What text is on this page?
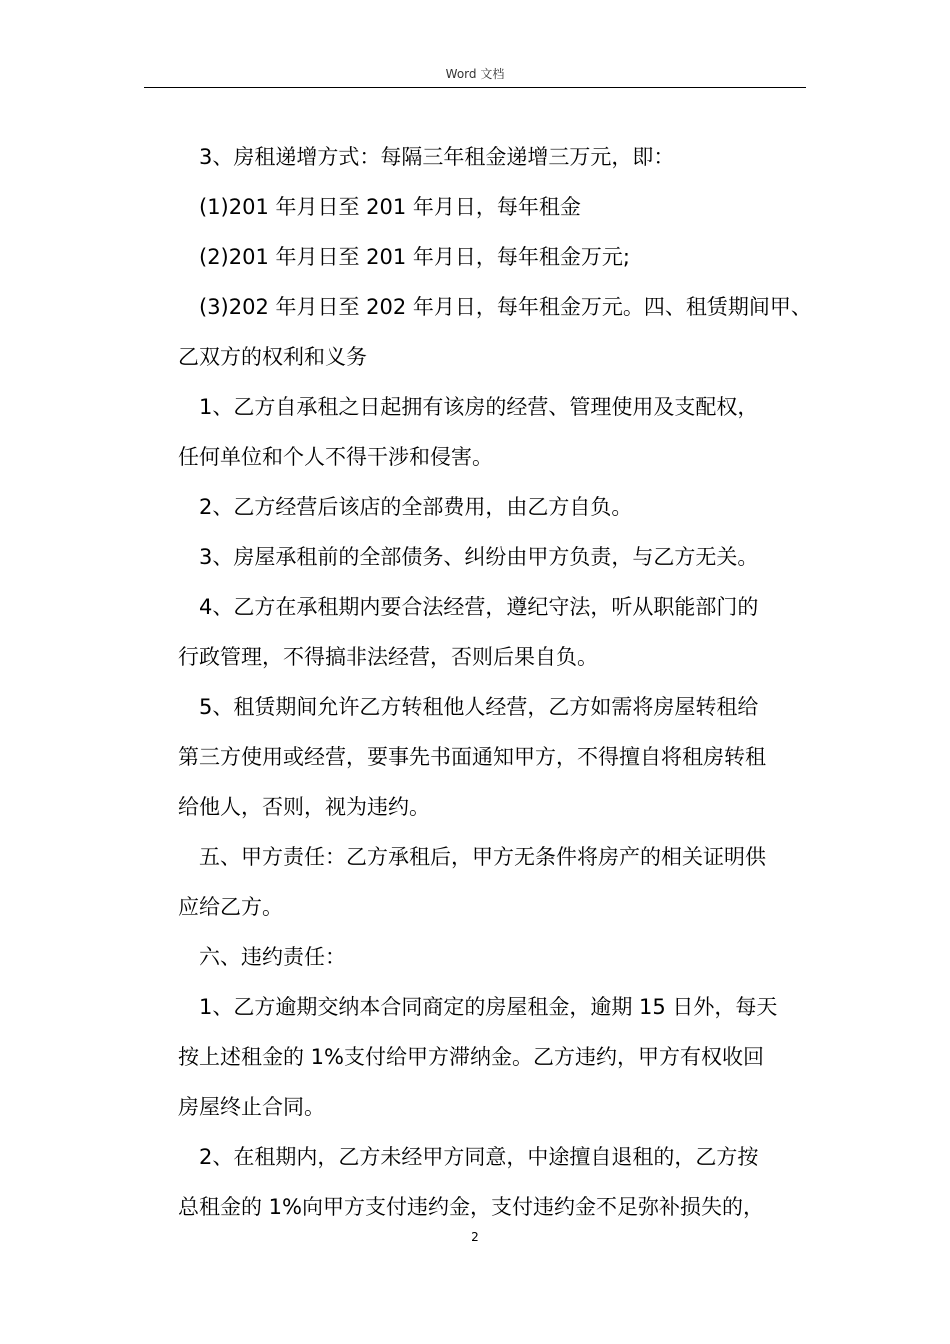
Word 文档
3、房租递增方式：每隔三年租金递增三万元，即：
(1)201 年月日至 201 年月日，每年租金
(2)201 年月日至 201 年月日，每年租金万元;
(3)202 年月日至 202 年月日，每年租金万元。四、租赁期间甲、
乙双方的权利和义务
1、乙方自承租之日起拥有该房的经营、管理使用及支配权，
任何单位和个人不得干涉和侵害。
2、乙方经营后该店的全部费用，由乙方自负。
3、房屋承租前的全部债务、纠纷由甲方负责，与乙方无关。
4、乙方在承租期内要合法经营，遵纪守法，听从职能部门的
行政管理，不得搞非法经营，否则后果自负。
5、租赁期间允许乙方转租他人经营，乙方如需将房屋转租给
第三方使用或经营，要事先书面通知甲方，不得擅自将租房转租
给他人，否则，视为违约。
五、甲方责任：乙方承租后，甲方无条件将房产的相关证明供
应给乙方。
六、违约责任：
1、乙方逾期交纳本合同商定的房屋租金，逾期 15 日外，每天
按上述租金的 1%支付给甲方滞纳金。乙方违约，甲方有权收回
房屋终止合同。
2、在租期内，乙方未经甲方同意，中途擅自退租的，乙方按
总租金的 1%向甲方支付违约金，支付违约金不足弥补损失的，
2
